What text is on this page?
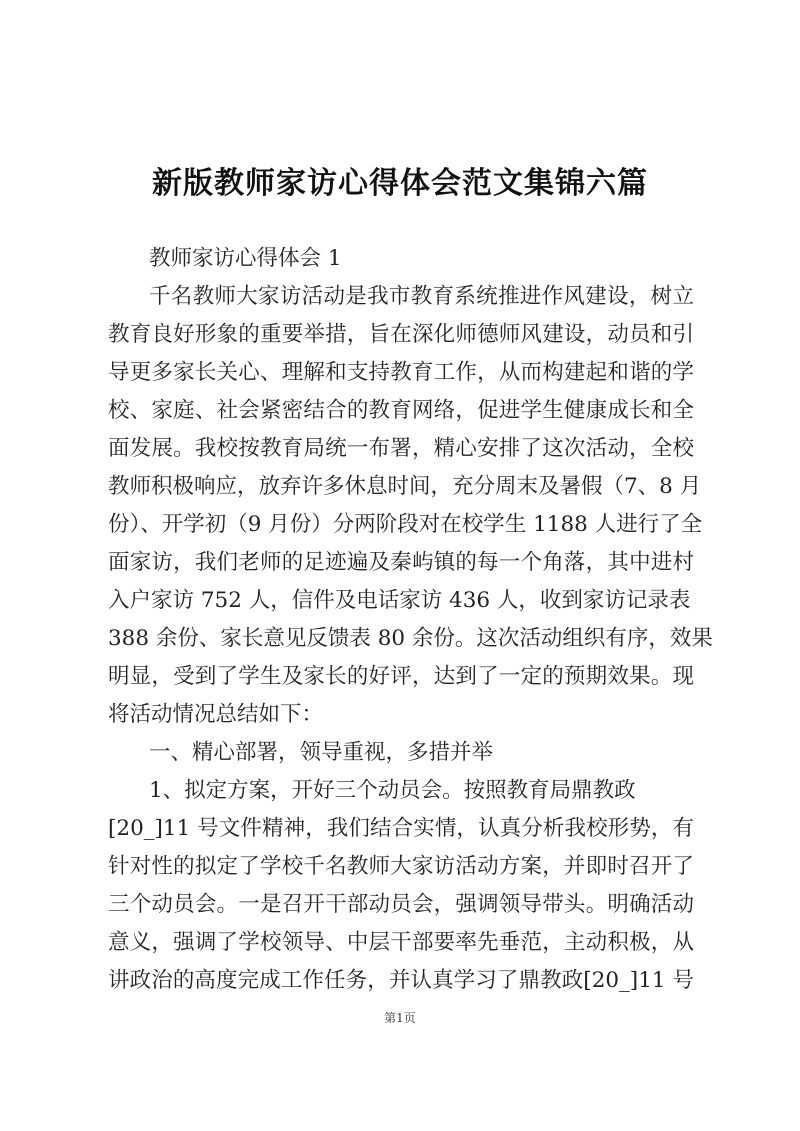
新版教师家访心得体会范文集锦六篇
教师家访心得体会 1
千名教师大家访活动是我市教育系统推进作风建设，树立
教育良好形象的重要举措，旨在深化师德师风建设，动员和引
导更多家长关心、理解和支持教育工作，从而构建起和谐的学
校、家庭、社会紧密结合的教育网络，促进学生健康成长和全
面发展。我校按教育局统一布署，精心安排了这次活动，全校
教师积极响应，放弃许多休息时间，充分周末及暑假（7、8 月
份）、开学初（9 月份）分两阶段对在校学生 1188 人进行了全
面家访，我们老师的足迹遍及秦屿镇的每一个角落，其中进村
入户家访 752 人，信件及电话家访 436 人，收到家访记录表
388 余份、家长意见反馈表 80 余份。这次活动组织有序，效果
明显，受到了学生及家长的好评，达到了一定的预期效果。现
将活动情况总结如下：
一、精心部署，领导重视，多措并举
1、拟定方案，开好三个动员会。按照教育局鼎教政
[20_]11 号文件精神，我们结合实情，认真分析我校形势，有
针对性的拟定了学校千名教师大家访活动方案，并即时召开了
三个动员会。一是召开干部动员会，强调领导带头。明确活动
意义，强调了学校领导、中层干部要率先垂范，主动积极，从
讲政治的高度完成工作任务，并认真学习了鼎教政[20_]11 号
第1页
